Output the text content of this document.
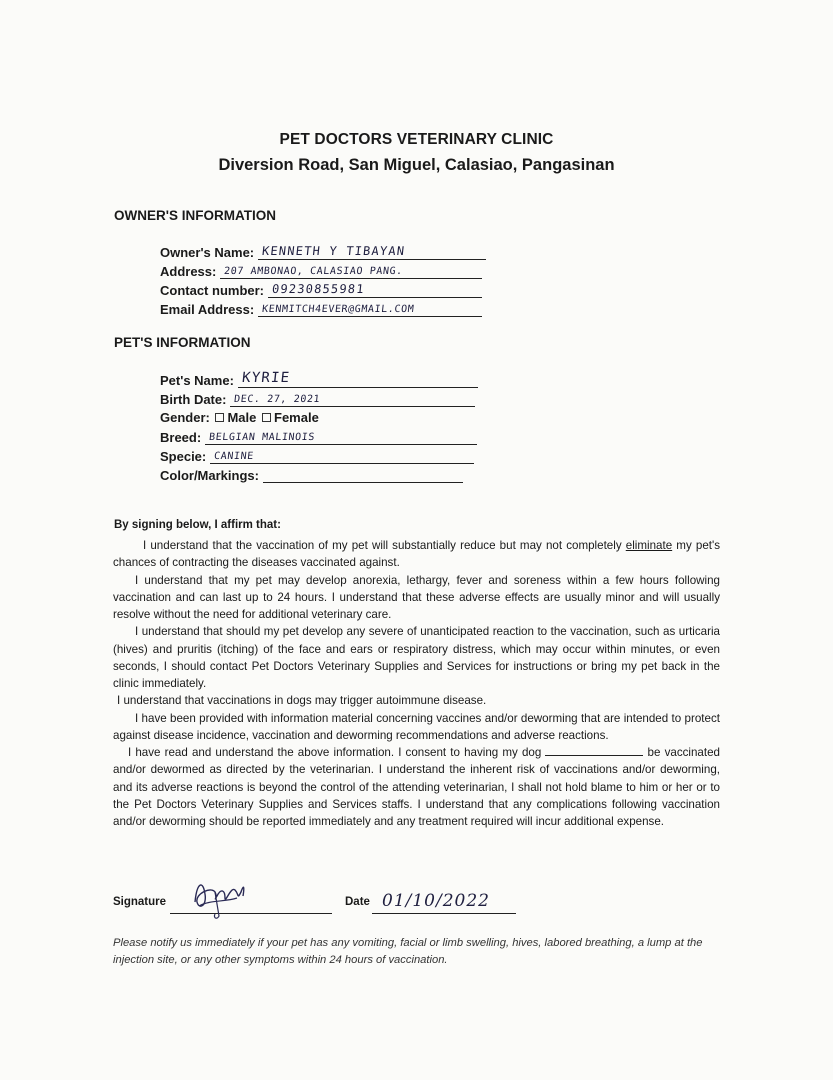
PET DOCTORS VETERINARY CLINIC
Diversion Road, San Miguel, Calasiao, Pangasinan
OWNER'S INFORMATION
Owner's Name: KENNETH Y TIBAYAN
Address: 207 AMBONAO, CALASIAO PANG.
Contact number: 09230855981
Email Address: KENMITCH4EVER@GMAIL.COM
PET'S INFORMATION
Pet's Name: KYRIE
Birth Date: DEC. 27, 2021
Gender: Male Female
Breed: BELGIAN MALINOIS
Specie: CANINE
Color/Markings:
By signing below, I affirm that:

I understand that the vaccination of my pet will substantially reduce but may not completely eliminate my pet's chances of contracting the diseases vaccinated against.

I understand that my pet may develop anorexia, lethargy, fever and soreness within a few hours following vaccination and can last up to 24 hours. I understand that these adverse effects are usually minor and will usually resolve without the need for additional veterinary care.

I understand that should my pet develop any severe of unanticipated reaction to the vaccination, such as urticaria (hives) and pruritis (itching) of the face and ears or respiratory distress, which may occur within minutes, or even seconds, I should contact Pet Doctors Veterinary Supplies and Services for instructions or bring my pet back in the clinic immediately.

I understand that vaccinations in dogs may trigger autoimmune disease.

I have been provided with information material concerning vaccines and/or deworming that are intended to protect against disease incidence, vaccination and deworming recommendations and adverse reactions.

I have read and understand the above information. I consent to having my dog	be vaccinated and/or dewormed as directed by the veterinarian. I understand the inherent risk of vaccinations and/or deworming, and its adverse reactions is beyond the control of the attending veterinarian, I shall not hold blame to him or her or to the Pet Doctors Veterinary Supplies and Services staffs. I understand that any complications following vaccination and/or deworming should be reported immediately and any treatment required will incur additional expense.

Signature	Date 01/10/2022
Please notify us immediately if your pet has any vomiting, facial or limb swelling, hives, labored breathing, a lump at the injection site, or any other symptoms within 24 hours of vaccination.
